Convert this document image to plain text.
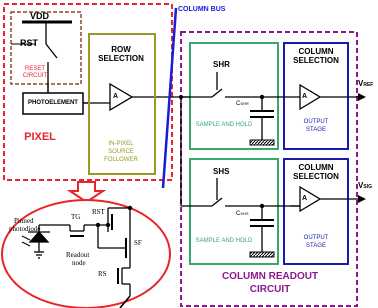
VDD
RST
RESET
CIRCUIT
PHOTOELEMENT
PIXEL
ROW
SELECTION
IN-PIXEL
SOURCE
FOLLOWER
A
COLUMN BUS
SHR
CSHR
SAMPLE AND HOLD
COLUMN
SELECTION
OUTPUT
STAGE
A
VREF
SHS
CSHS
SAMPLE AND HOLD
COLUMN
SELECTION
OUTPUT
STAGE
A
VSIG
COLUMN READOUT
CIRCUIT
Pinned
photodiode
TG
RST
SF
Readout
node
RS
